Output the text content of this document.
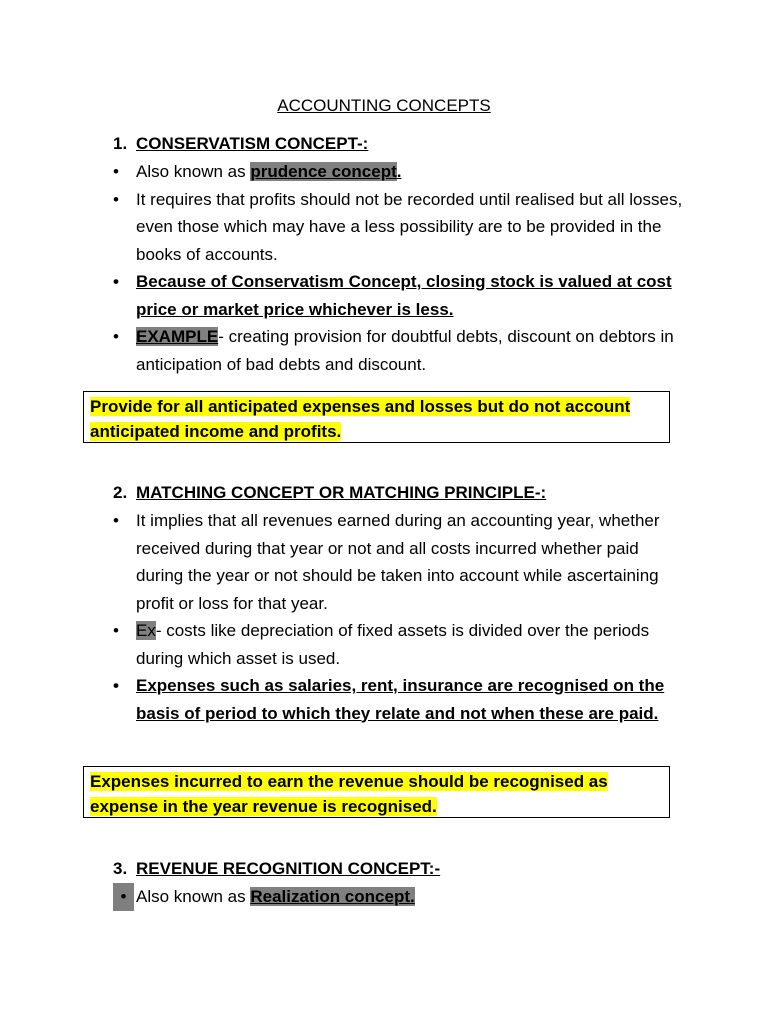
ACCOUNTING CONCEPTS
1. CONSERVATISM CONCEPT-:
•	Also known as prudence concept.
•	It requires that profits should not be recorded until realised but all losses, even those which may have a less possibility are to be provided in the books of accounts.
•	Because of Conservatism Concept, closing stock is valued at cost price or market price whichever is less.
•	EXAMPLE- creating provision for doubtful debts, discount on debtors in anticipation of bad debts and discount.
Provide for all anticipated expenses and losses but do not account anticipated income and profits.
2. MATCHING CONCEPT OR MATCHING PRINCIPLE-:
•	It implies that all revenues earned during an accounting year, whether received during that year or not and all costs incurred whether paid during the year or not should be taken into account while ascertaining profit or loss for that year.
•	Ex- costs like depreciation of fixed assets is divided over the periods during which asset is used.
•	Expenses such as salaries, rent, insurance are recognised on the basis of period to which they relate and not when these are paid.
Expenses incurred to earn the revenue should be recognised as expense in the year revenue is recognised.
3. REVENUE RECOGNITION CONCEPT:-
• Also known as Realization concept.
